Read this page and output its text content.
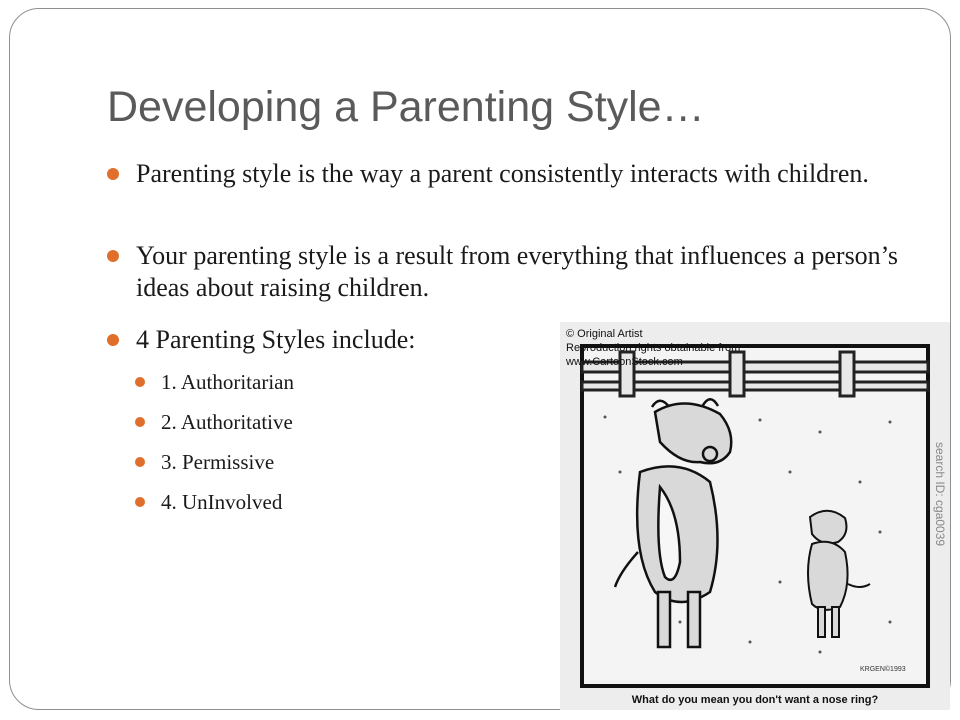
Developing a Parenting Style…
Parenting style is the way a parent consistently interacts with children.
Your parenting style is a result from everything that influences a person’s ideas about raising children.
4 Parenting Styles include:
1. Authoritarian
2. Authoritative
3. Permissive
4. UnInvolved
© Original Artist
Reproduction rights obtainable from
www.CartoonStock.com
search ID: cga0039
KRGEN©1993
What do you mean you don't want a nose ring?
